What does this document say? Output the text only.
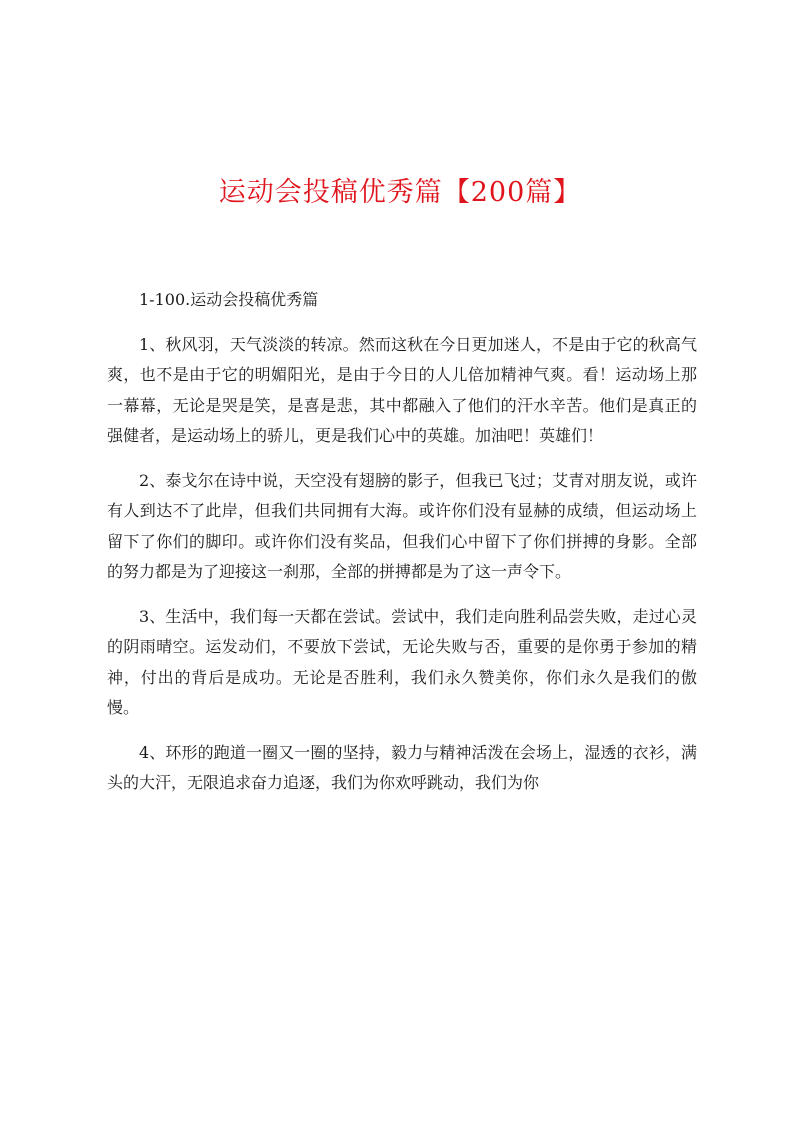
运动会投稿优秀篇【200篇】

1-100.运动会投稿优秀篇

1、秋风羽，天气淡淡的转凉。然而这秋在今日更加迷人，不是由于它的秋高气爽，也不是由于它的明媚阳光，是由于今日的人儿倍加精神气爽。看！运动场上那一幕幕，无论是哭是笑，是喜是悲，其中都融入了他们的汗水辛苦。他们是真正的强健者，是运动场上的骄儿，更是我们心中的英雄。加油吧！英雄们！

2、泰戈尔在诗中说，天空没有翅膀的影子，但我已飞过；艾青对朋友说，或许有人到达不了此岸，但我们共同拥有大海。或许你们没有显赫的成绩，但运动场上留下了你们的脚印。或许你们没有奖品，但我们心中留下了你们拼搏的身影。全部的努力都是为了迎接这一刹那，全部的拼搏都是为了这一声令下。

3、生活中，我们每一天都在尝试。尝试中，我们走向胜利品尝失败，走过心灵的阴雨晴空。运发动们，不要放下尝试，无论失败与否，重要的是你勇于参加的精神，付出的背后是成功。无论是否胜利，我们永久赞美你，你们永久是我们的傲慢。

4、环形的跑道一圈又一圈的坚持，毅力与精神活泼在会场上，湿透的衣衫，满头的大汗，无限追求奋力追逐，我们为你欢呼跳动，我们为你
